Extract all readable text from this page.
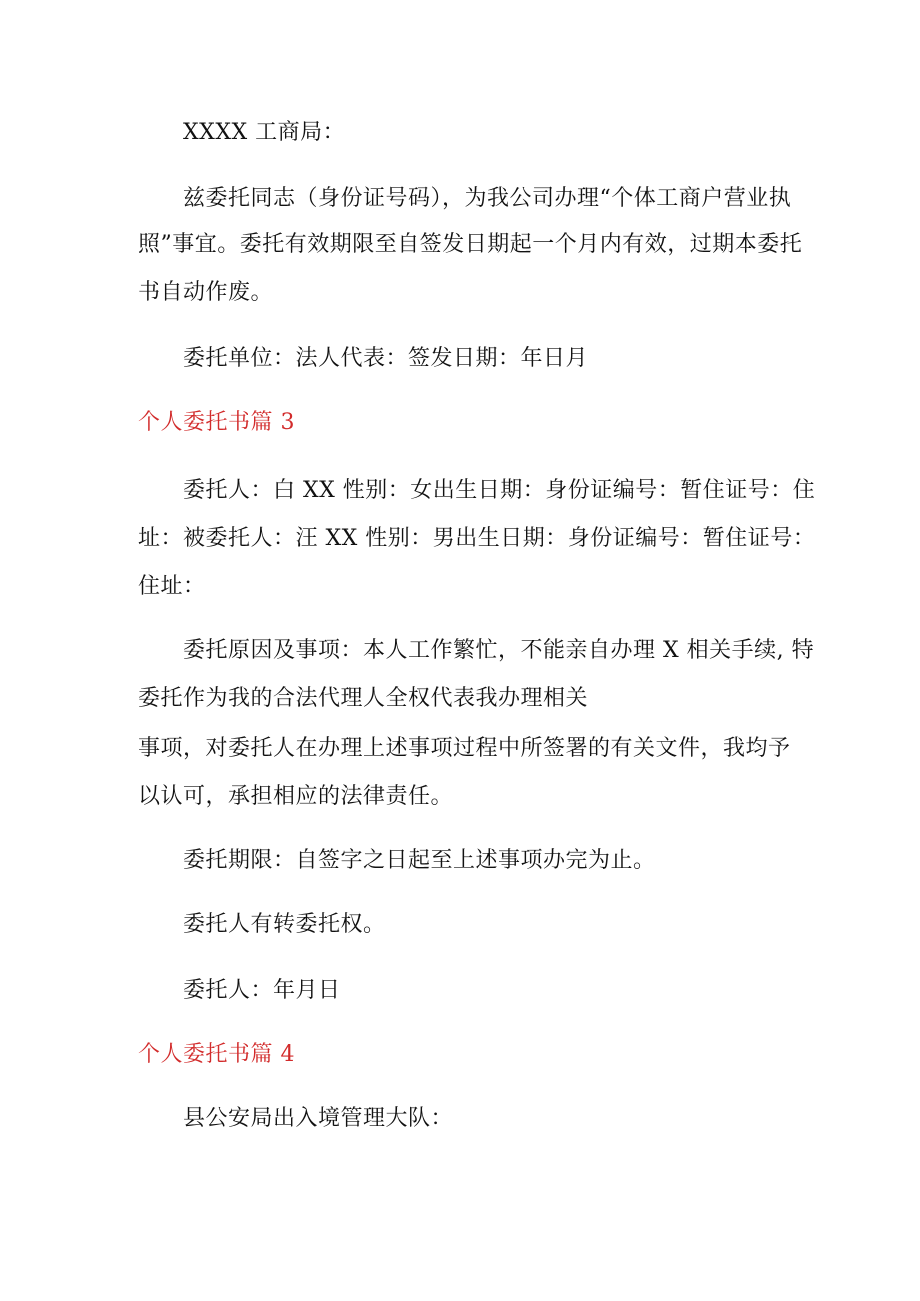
XXXX 工商局：
兹委托同志（身份证号码），为我公司办理“个体工商户营业执
照”事宜。委托有效期限至自签发日期起一个月内有效，过期本委托
书自动作废。
委托单位：法人代表：签发日期：年日月
个人委托书篇 3
委托人：白 XX 性别：女出生日期：身份证编号：暂住证号：住
址：被委托人：汪 XX 性别：男出生日期：身份证编号：暂住证号：
住址：
委托原因及事项：本人工作繁忙，不能亲自办理 X 相关手续, 特
委托作为我的合法代理人全权代表我办理相关
事项，对委托人在办理上述事项过程中所签署的有关文件，我均予
以认可，承担相应的法律责任。
委托期限：自签字之日起至上述事项办完为止。
委托人有转委托权。
委托人：年月日
个人委托书篇 4
县公安局出入境管理大队：
